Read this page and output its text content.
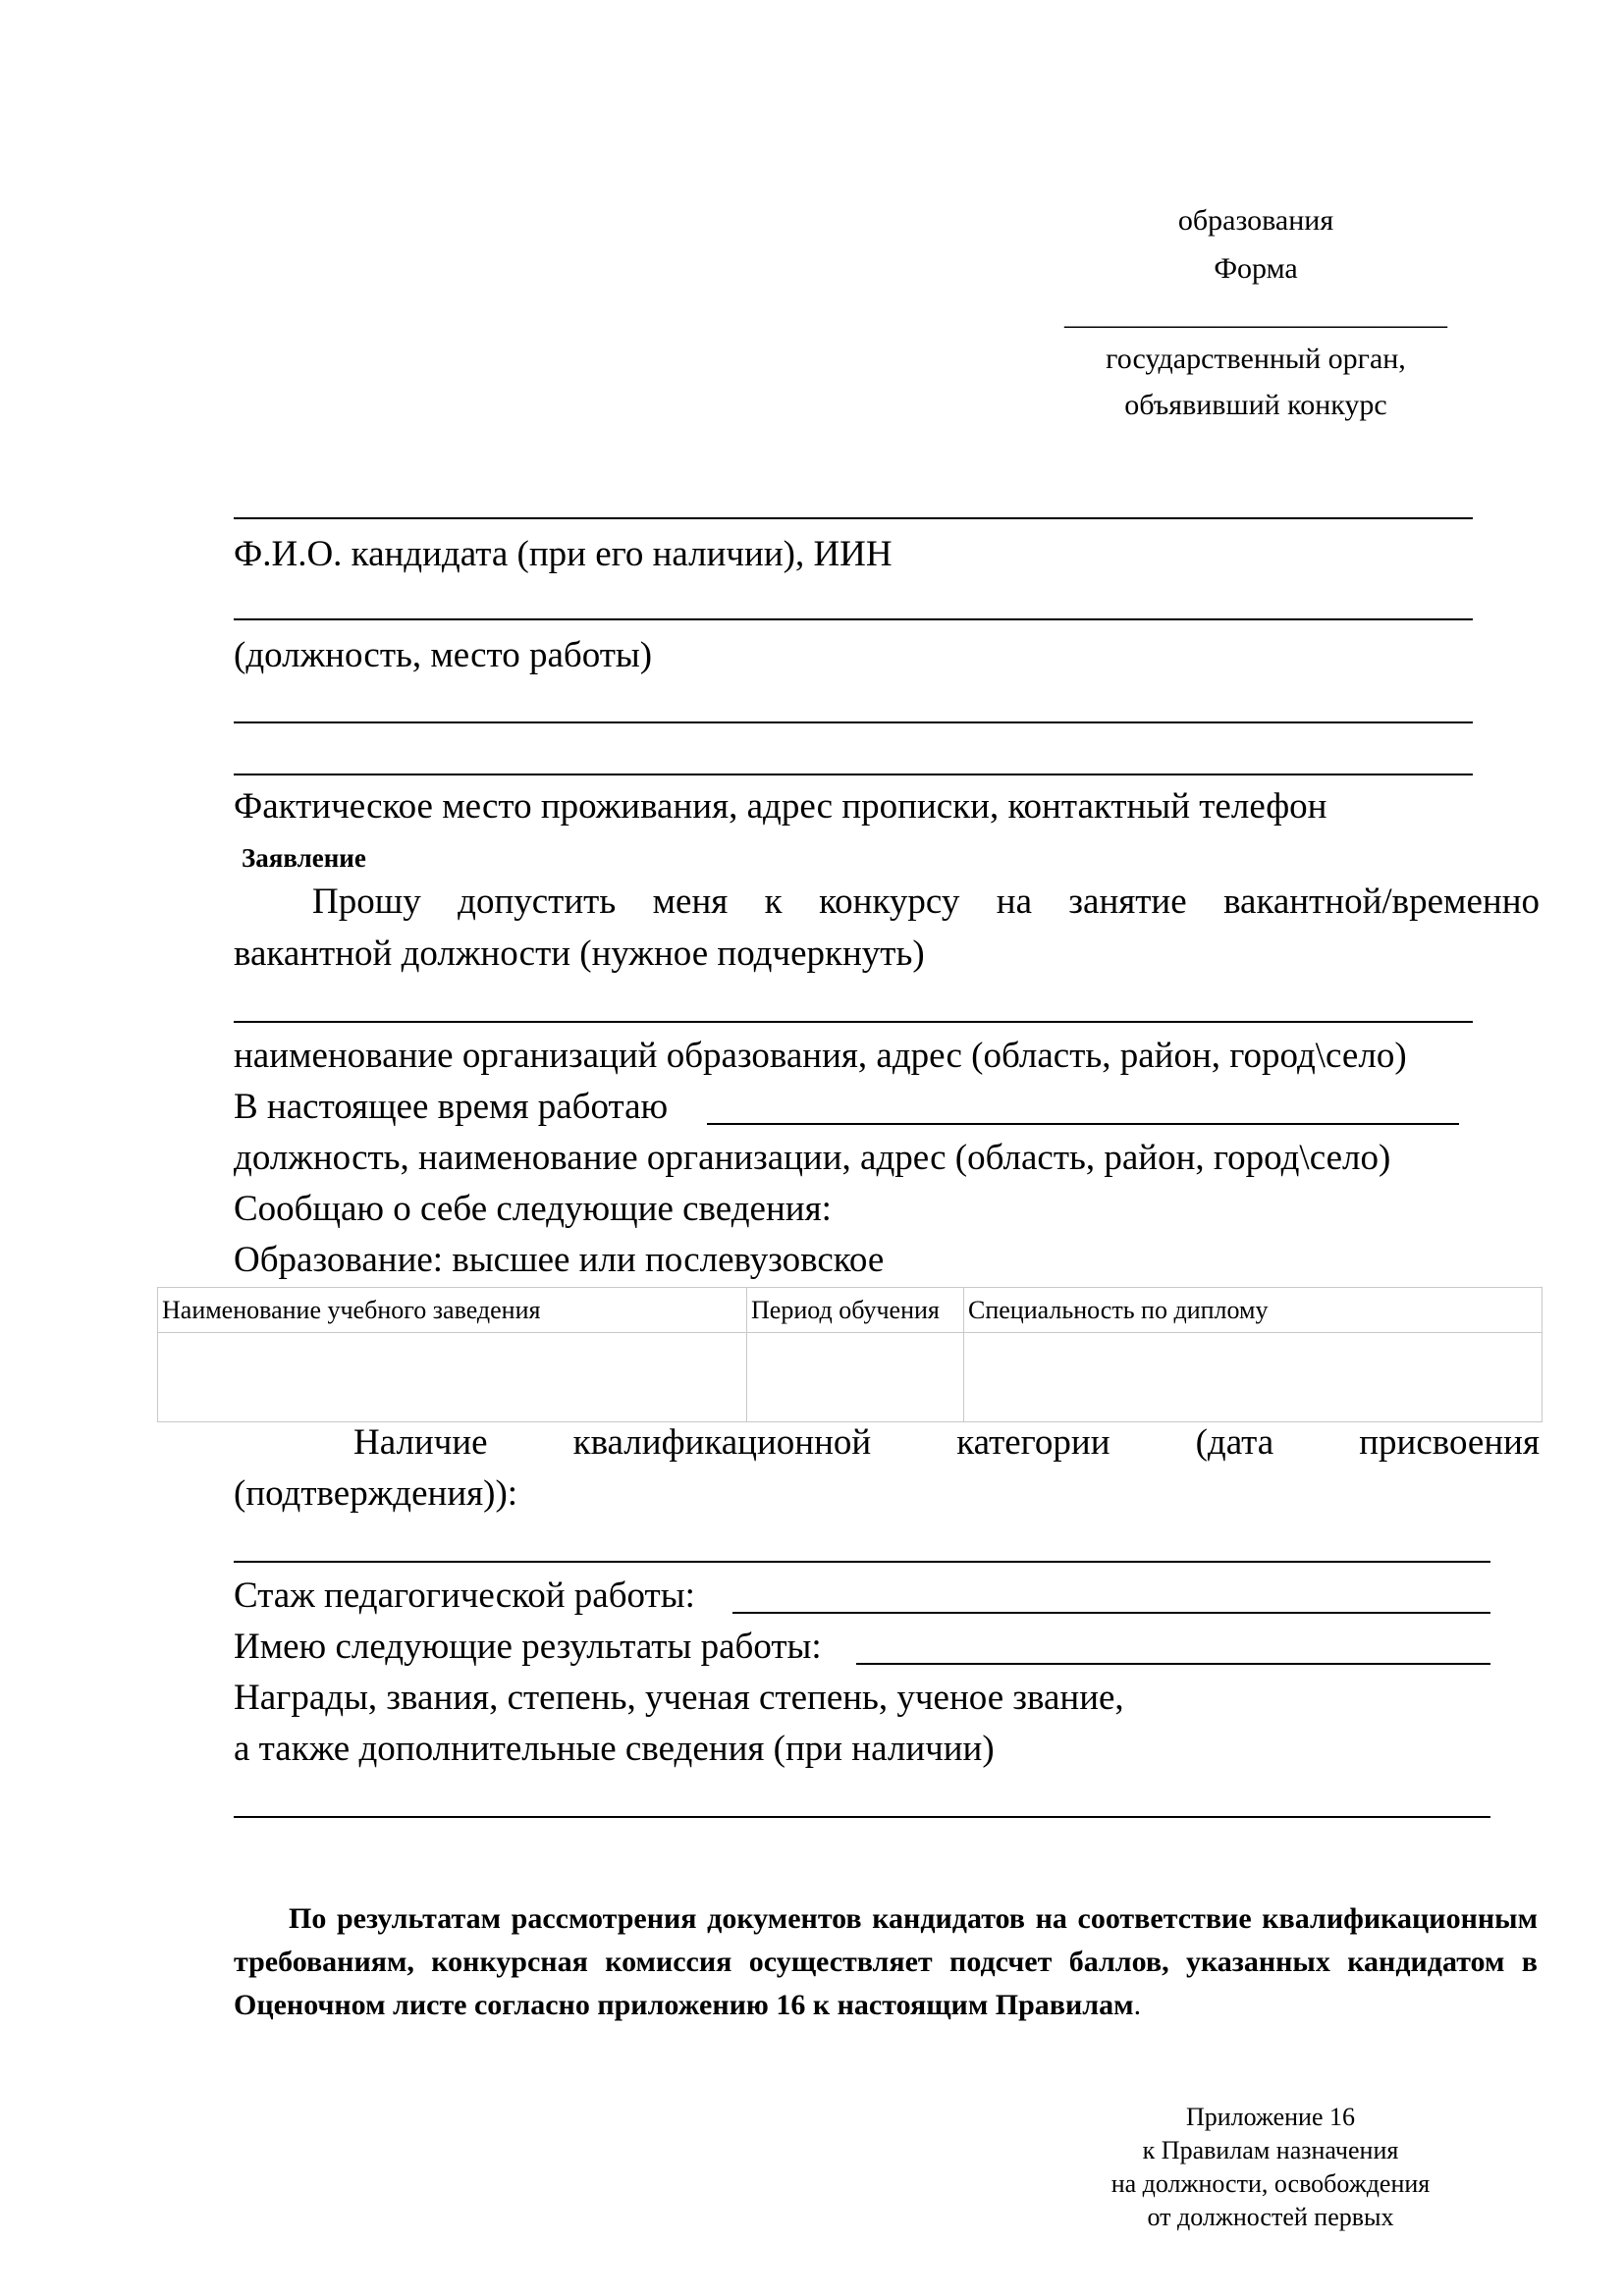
образования
Форма
__________________________
государственный орган,
объявивший конкурс
Ф.И.О. кандидата (при его наличии), ИИН
(должность, место работы)
Фактическое место проживания, адрес прописки, контактный телефон
Заявление
Прошу допустить меня к конкурсу на занятие вакантной/временно
вакантной должности (нужное подчеркнуть)
наименование организаций образования, адрес (область, район, город\село)
В настоящее время работаю
должность, наименование организации, адрес (область, район, город\село)
Сообщаю о себе следующие сведения:
Образование: высшее или послевузовское
Наименование учебного заведения	Период обучения	Специальность по диплому

Наличие квалификационной категории (дата присвоения
(подтверждения)):
Стаж педагогической работы:
Имею следующие результаты работы:
Награды, звания, степень, ученая степень, ученое звание,
а также дополнительные сведения (при наличии)
По результатам рассмотрения документов кандидатов на соответствие квалификационным требованиям, конкурсная комиссия осуществляет подсчет баллов, указанных кандидатом в Оценочном листе согласно приложению 16 к настоящим Правилам.
Приложение 16
к Правилам назначения
на должности, освобождения
от должностей первых
